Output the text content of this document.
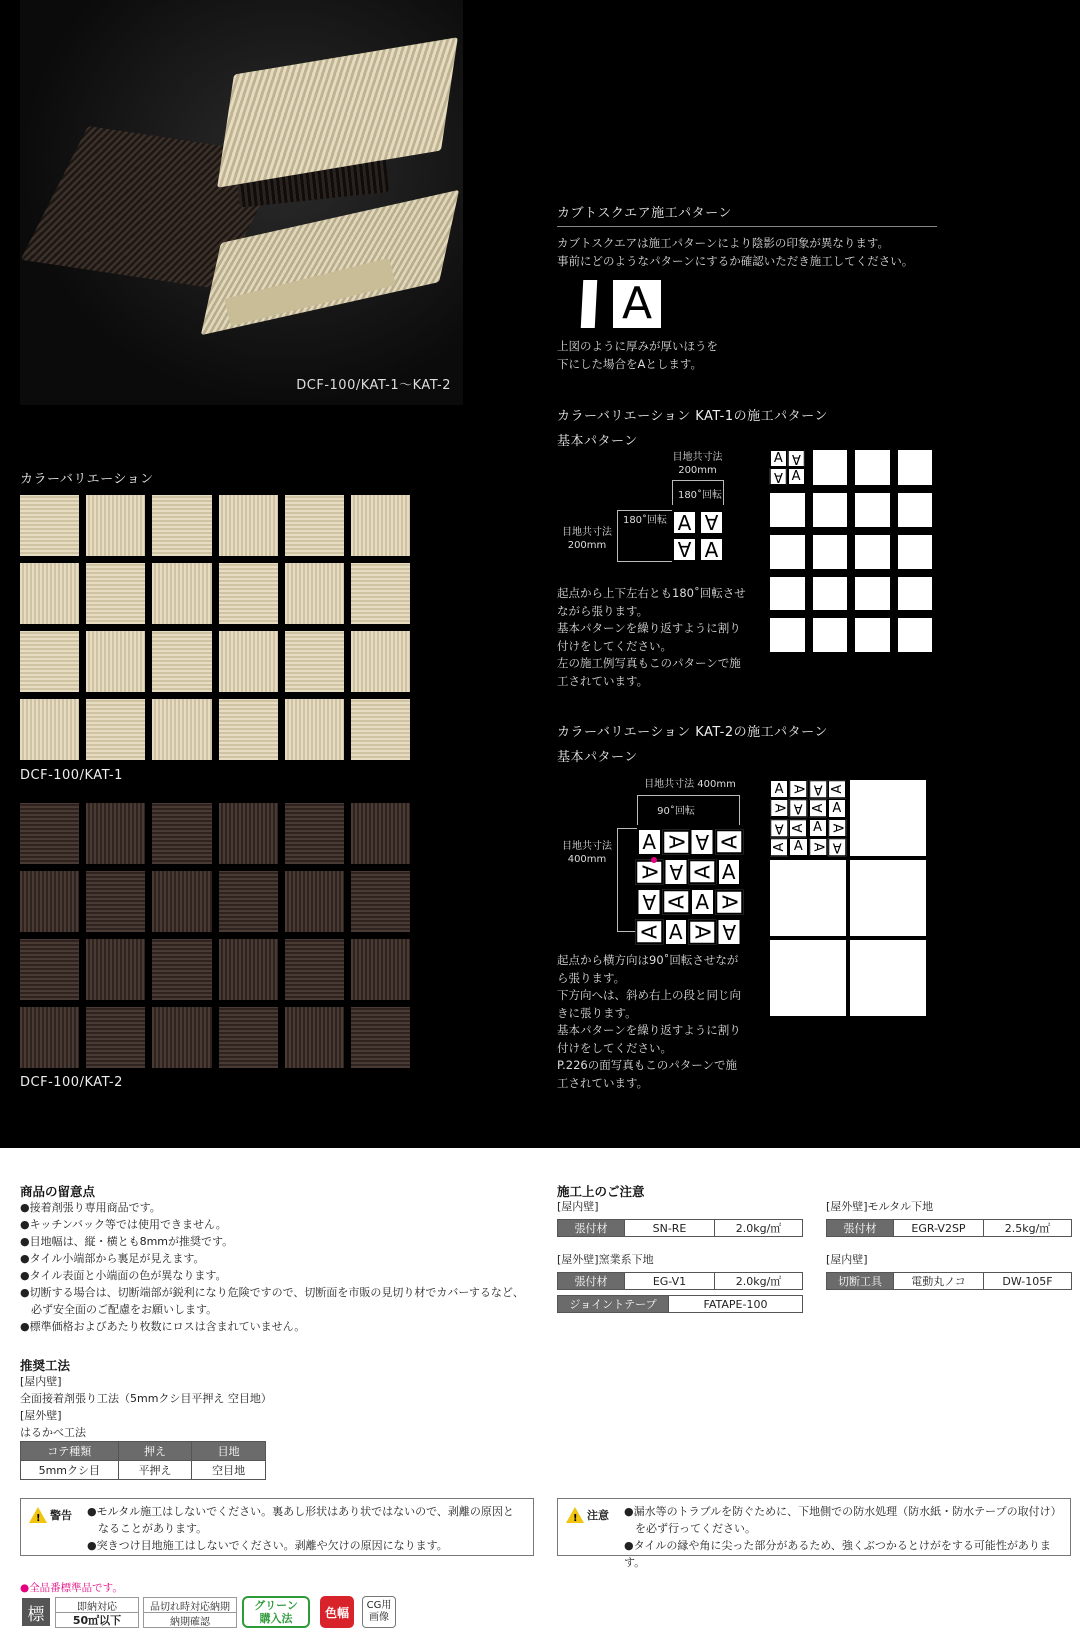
DCF-100/KAT-1〜KAT-2
カラーバリエーション
DCF-100/KAT-1
DCF-100/KAT-2
カブトスクエア施工パターン
カブトスクエアは施工パターンにより陰影の印象が異なります。
事前にどのようなパターンにするか確認いただき施工してください。
A
上図のように厚みが厚いほうを
下にした場合をAとします。
カラーバリエーション KAT-1の施工パターン
基本パターン
目地共寸法
200mm
目地共寸法
200mm
180˚回転
180˚回転 A A
A A
起点から上下左右とも180˚回転させ
ながら張ります。
基本パターンを繰り返すように割り
付けをしてください。
左の施工例写真もこのパターンで施
工されています。
A A
A A
カラーバリエーション KAT-2の施工パターン
基本パターン
目地共寸法 400mm
90˚回転
目地共寸法
400mm
A A A A
A A A A
A A A A
A A A A
起点から横方向は90˚回転させなが
ら張ります。
下方向へは、斜め右上の段と同じ向
きに張ります。
基本パターンを繰り返すように割り
付けをしてください。
P.226の面写真もこのパターンで施
工されています。
A A A A
A A A A
A A A A
A A A A
商品の留意点
●接着剤張り専用商品です。
●キッチンバック等では使用できません。
●目地幅は、縦・横とも8mmが推奨です。
●タイル小端部から裏足が見えます。
●タイル表面と小端面の色が異なります。
●切断する場合は、切断端部が鋭利になり危険ですので、切断面を市販の見切り材でカバーするなど、
　必ず安全面のご配慮をお願いします。
●標準価格およびあたり枚数にロスは含まれていません。
推奨工法
[屋内壁]
全面接着剤張り工法（5mmクシ目平押え 空目地）
[屋外壁]
はるかべ工法
コテ種類	押え	目地
5mmクシ目	平押え	空目地
施工上のご注意
[屋内壁]
張付材	SN-RE	2.0kg/㎡
[屋外壁]窯業系下地
張付材	EG-V1	2.0kg/㎡
ジョイントテープ	FATAPE-100
[屋外壁]モルタル下地
張付材	EGR-V2SP	2.5kg/㎡
[屋内壁]
切断工具	電動丸ノコ	DW-105F
!
警告 ●モルタル施工はしないでください。裏あし形状はあり状ではないので、剥離の原因と
　なることがあります。
●突きつけ目地施工はしないでください。剥離や欠けの原因になります。
!
注意 ●漏水等のトラブルを防ぐために、下地側での防水処理（防水紙・防水テープの取付け）
　を必ず行ってください。
●タイルの縁や角に尖った部分があるため、強くぶつかるとけがをする可能性があります。
●全品番標準品です。
標	即納対応
50㎡以下
品切れ時対応納期
納期確認
グリーン購入法	色幅	CG用
画像
